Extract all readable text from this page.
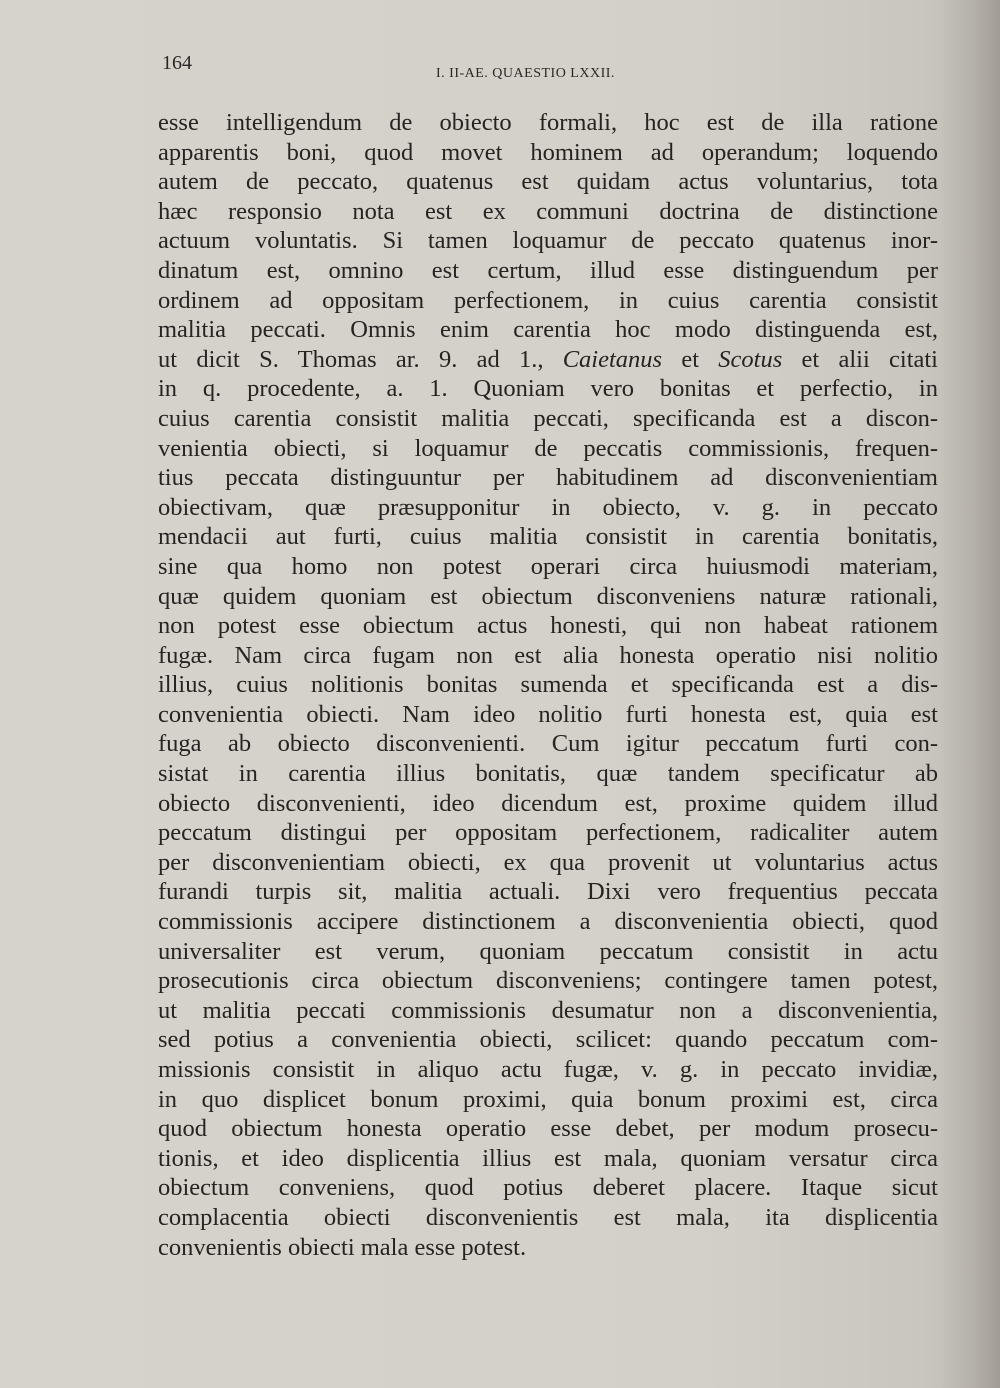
164	I. II-AE. QUAESTIO LXXII.
esse intelligendum de obiecto formali, hoc est de illa ratione
apparentis boni, quod movet hominem ad operandum; loquendo
autem de peccato, quatenus est quidam actus voluntarius, tota
hæc responsio nota est ex communi doctrina de distinctione
actuum voluntatis. Si tamen loquamur de peccato quatenus inor-
dinatum est, omnino est certum, illud esse distinguendum per
ordinem ad oppositam perfectionem, in cuius carentia consistit
malitia peccati. Omnis enim carentia hoc modo distinguenda est,
ut dicit S. Thomas ar. 9. ad 1., Caietanus et Scotus et alii citati
in q. procedente, a. 1. Quoniam vero bonitas et perfectio, in
cuius carentia consistit malitia peccati, specificanda est a discon-
venientia obiecti, si loquamur de peccatis commissionis, frequen-
tius peccata distinguuntur per habitudinem ad disconvenientiam
obiectivam, quæ præsupponitur in obiecto, v. g. in peccato
mendacii aut furti, cuius malitia consistit in carentia bonitatis,
sine qua homo non potest operari circa huiusmodi materiam,
quæ quidem quoniam est obiectum disconveniens naturæ rationali,
non potest esse obiectum actus honesti, qui non habeat rationem
fugæ. Nam circa fugam non est alia honesta operatio nisi nolitio
illius, cuius nolitionis bonitas sumenda et specificanda est a dis-
convenientia obiecti. Nam ideo nolitio furti honesta est, quia est
fuga ab obiecto disconvenienti. Cum igitur peccatum furti con-
sistat in carentia illius bonitatis, quæ tandem specificatur ab
obiecto disconvenienti, ideo dicendum est, proxime quidem illud
peccatum distingui per oppositam perfectionem, radicaliter autem
per disconvenientiam obiecti, ex qua provenit ut voluntarius actus
furandi turpis sit, malitia actuali. Dixi vero frequentius peccata
commissionis accipere distinctionem a disconvenientia obiecti, quod
universaliter est verum, quoniam peccatum consistit in actu
prosecutionis circa obiectum disconveniens; contingere tamen potest,
ut malitia peccati commissionis desumatur non a disconvenientia,
sed potius a convenientia obiecti, scilicet: quando peccatum com-
missionis consistit in aliquo actu fugæ, v. g. in peccato invidiæ,
in quo displicet bonum proximi, quia bonum proximi est, circa
quod obiectum honesta operatio esse debet, per modum prosecu-
tionis, et ideo displicentia illius est mala, quoniam versatur circa
obiectum conveniens, quod potius deberet placere. Itaque sicut
complacentia obiecti disconvenientis est mala, ita displicentia
convenientis obiecti mala esse potest.
